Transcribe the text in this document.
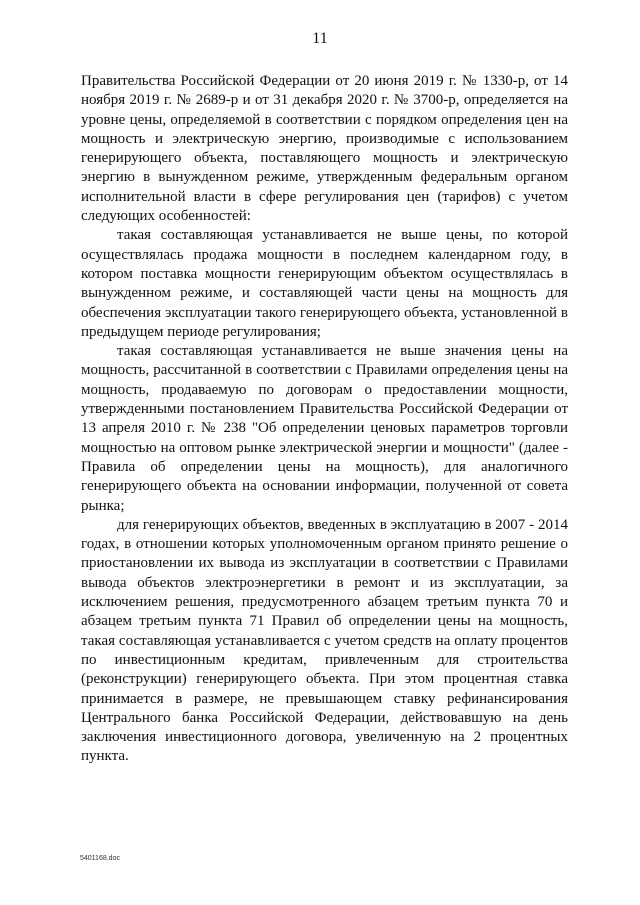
11

Правительства Российской Федерации от 20 июня 2019 г. № 1330-р, от 14 ноября 2019 г. № 2689-р и от 31 декабря 2020 г. № 3700-р, определяется на уровне цены, определяемой в соответствии с порядком определения цен на мощность и электрическую энергию, производимые с использованием генерирующего объекта, поставляющего мощность и электрическую энергию в вынужденном режиме, утвержденным федеральным органом исполнительной власти в сфере регулирования цен (тарифов) с учетом следующих особенностей:

такая составляющая устанавливается не выше цены, по которой осуществлялась продажа мощности в последнем календарном году, в котором поставка мощности генерирующим объектом осуществлялась в вынужденном режиме, и составляющей части цены на мощность для обеспечения эксплуатации такого генерирующего объекта, установленной в предыдущем периоде регулирования;

такая составляющая устанавливается не выше значения цены на мощность, рассчитанной в соответствии с Правилами определения цены на мощность, продаваемую по договорам о предоставлении мощности, утвержденными постановлением Правительства Российской Федерации от 13 апреля 2010 г. № 238 "Об определении ценовых параметров торговли мощностью на оптовом рынке электрической энергии и мощности" (далее - Правила об определении цены на мощность), для аналогичного генерирующего объекта на основании информации, полученной от совета рынка;

для генерирующих объектов, введенных в эксплуатацию в 2007 - 2014 годах, в отношении которых уполномоченным органом принято решение о приостановлении их вывода из эксплуатации в соответствии с Правилами вывода объектов электроэнергетики в ремонт и из эксплуатации, за исключением решения, предусмотренного абзацем третьим пункта 70 и абзацем третьим пункта 71 Правил об определении цены на мощность, такая составляющая устанавливается с учетом средств на оплату процентов по инвестиционным кредитам, привлеченным для строительства (реконструкции) генерирующего объекта. При этом процентная ставка принимается в размере, не превышающем ставку рефинансирования Центрального банка Российской Федерации, действовавшую на день заключения инвестиционного договора, увеличенную на 2 процентных пункта.

5401168.doc
